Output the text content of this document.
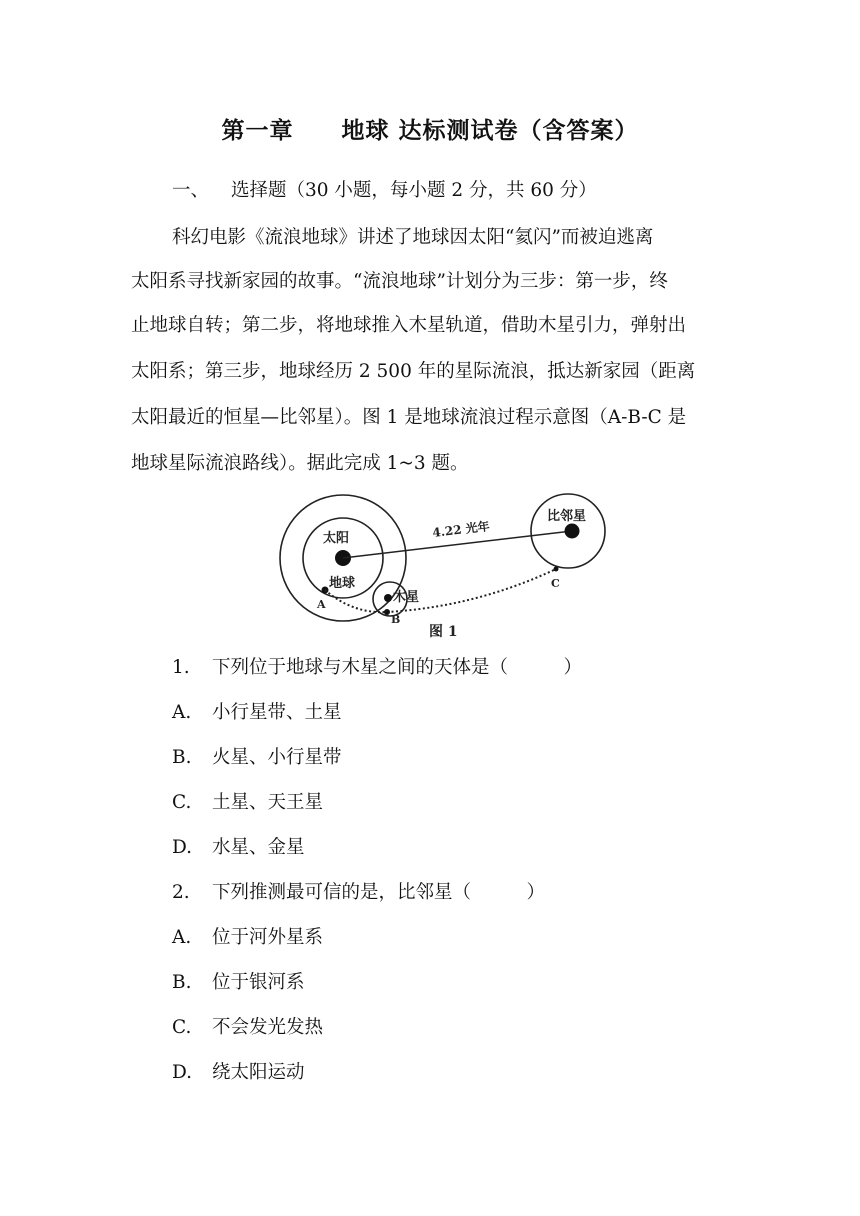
第一章　　地球 达标测试卷（含答案）
一、 选择题（30 小题，每小题 2 分，共 60 分）
科幻电影《流浪地球》讲述了地球因太阳“氦闪”而被迫逃离
太阳系寻找新家园的故事。“流浪地球”计划分为三步：第一步，终
止地球自转；第二步，将地球推入木星轨道，借助木星引力，弹射出
太阳系；第三步，地球经历 2 500 年的星际流浪，抵达新家园（距离
太阳最近的恒星—比邻星）。图 1 是地球流浪过程示意图（A-B-C 是
地球星际流浪路线）。据此完成 1~3 题。
太阳
地球
木星
比邻星
4.22 光年
A
B
C
图 1
1. 下列位于地球与木星之间的天体是（　　　）
A. 小行星带、土星
B. 火星、小行星带
C. 土星、天王星
D. 水星、金星
2. 下列推测最可信的是，比邻星（　　　）
A. 位于河外星系
B. 位于银河系
C. 不会发光发热
D. 绕太阳运动
